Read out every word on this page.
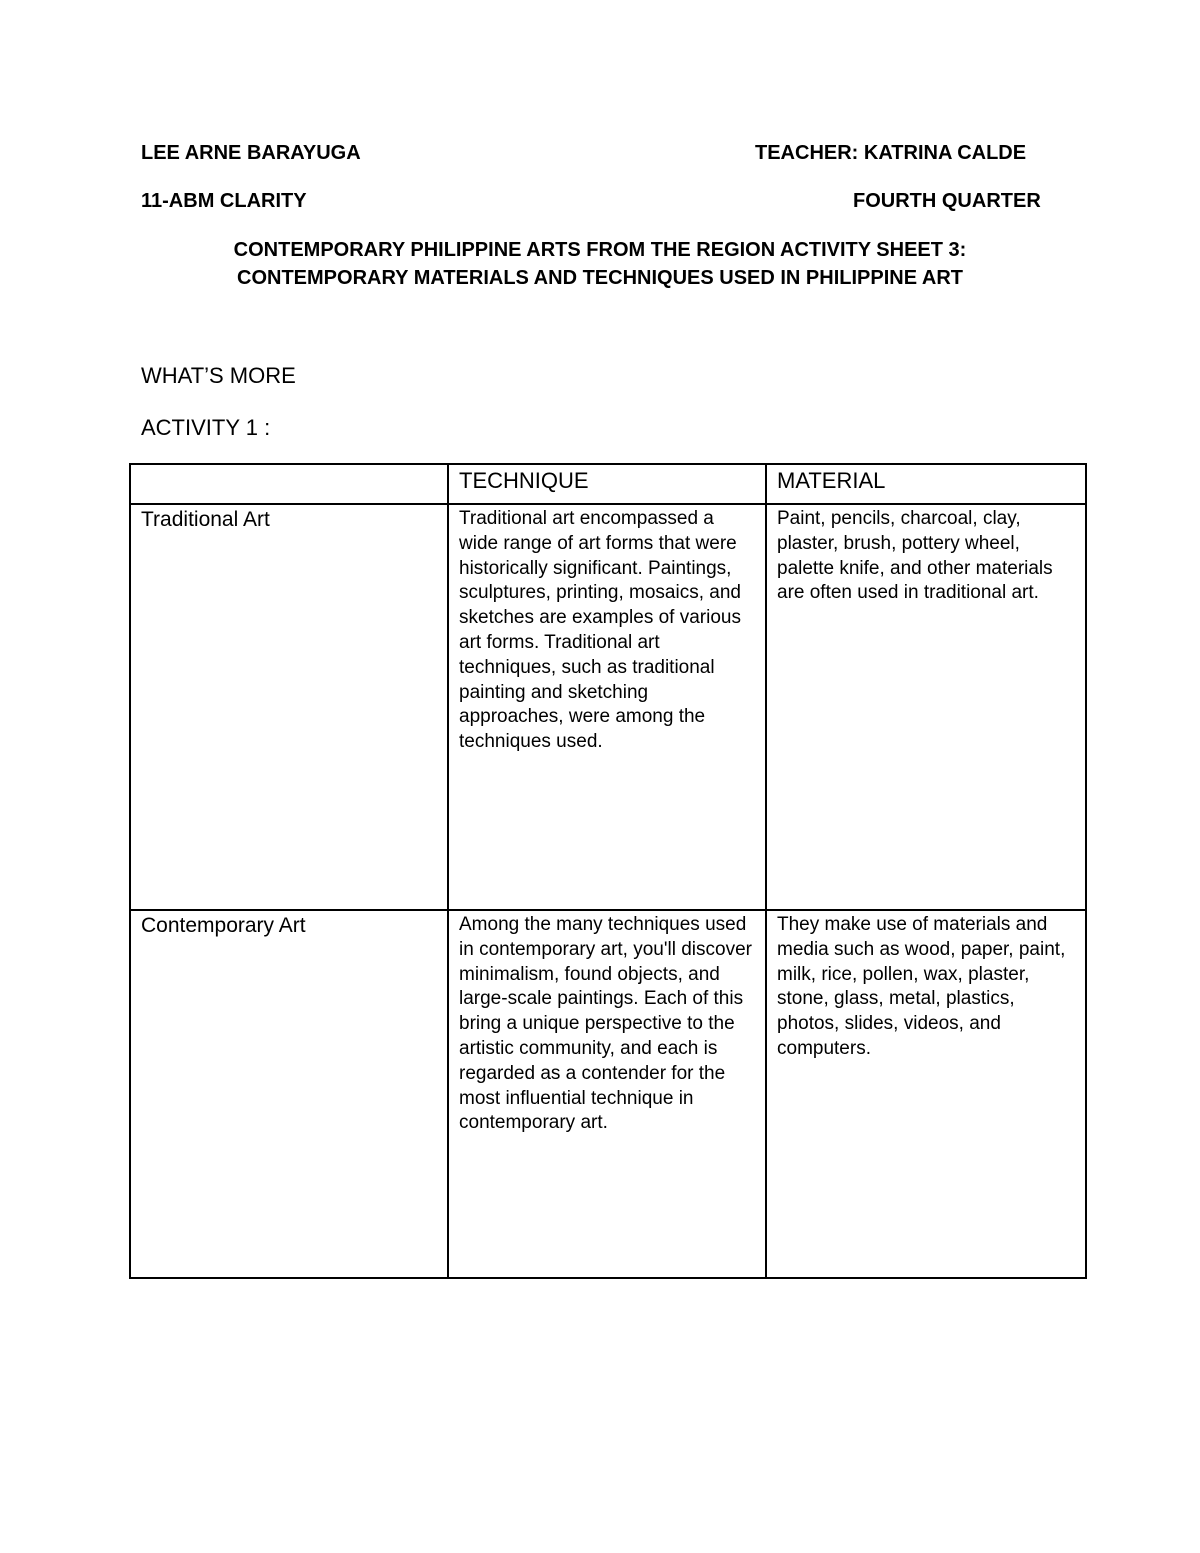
LEE ARNE BARAYUGA	TEACHER: KATRINA CALDE
11-ABM CLARITY	FOURTH QUARTER
CONTEMPORARY PHILIPPINE ARTS FROM THE REGION ACTIVITY SHEET 3:
CONTEMPORARY MATERIALS AND TECHNIQUES USED IN PHILIPPINE ART
WHAT’S MORE
ACTIVITY 1 :
	TECHNIQUE	MATERIAL
Traditional Art	Traditional art encompassed a wide range of art forms that were historically significant. Paintings, sculptures, printing, mosaics, and sketches are examples of various art forms. Traditional art techniques, such as traditional painting and sketching approaches, were among the techniques used.	Paint, pencils, charcoal, clay, plaster, brush, pottery wheel, palette knife, and other materials are often used in traditional art.
Contemporary Art	Among the many techniques used in contemporary art, you'll discover minimalism, found objects, and large-scale paintings. Each of this bring a unique perspective to the artistic community, and each is regarded as a contender for the most influential technique in contemporary art.	They make use of materials and media such as wood, paper, paint, milk, rice, pollen, wax, plaster, stone, glass, metal, plastics, photos, slides, videos, and computers.
